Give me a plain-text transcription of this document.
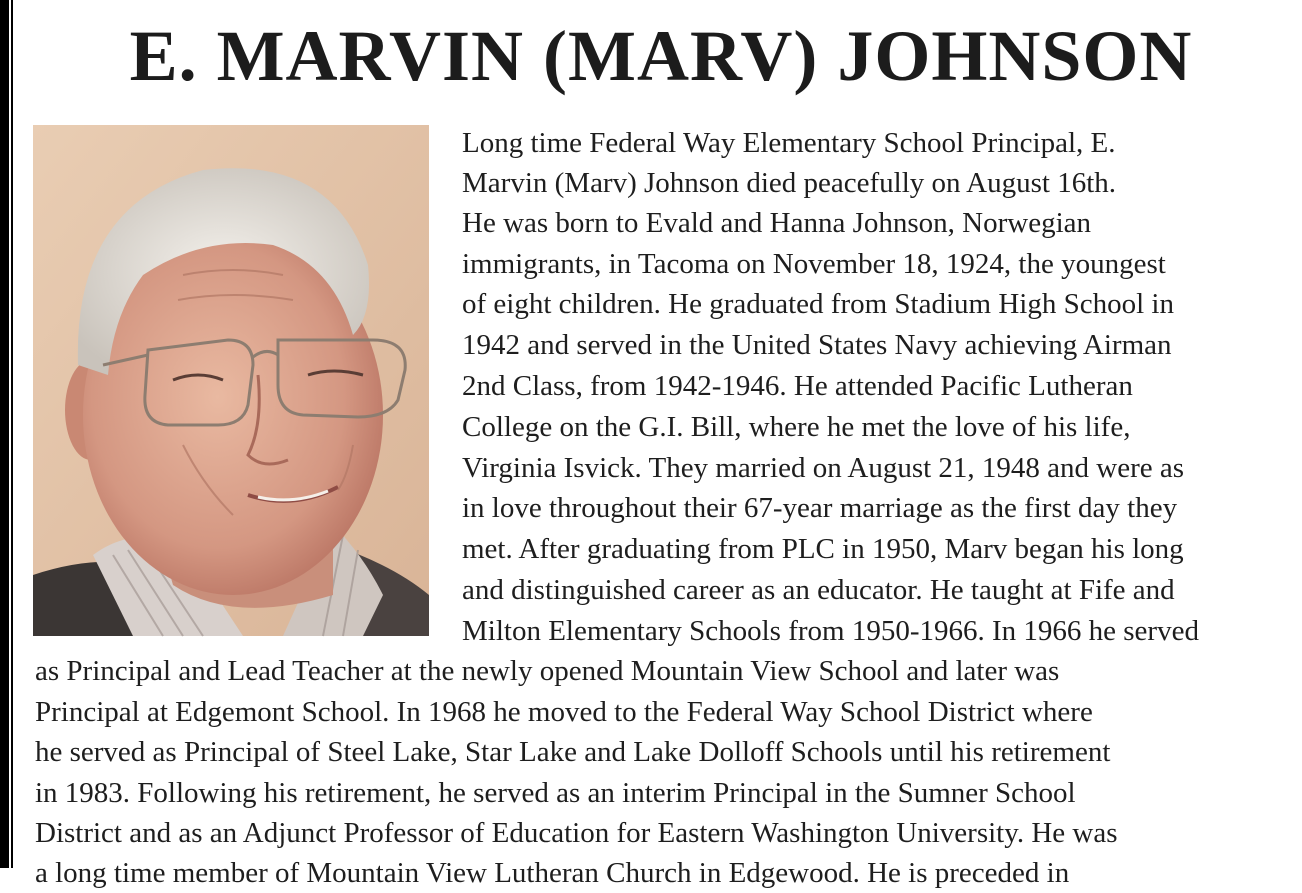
E. MARVIN (MARV) JOHNSON
Long time Federal Way Elementary School Principal, E.
Marvin (Marv) Johnson died peacefully on August 16th.
He was born to Evald and Hanna Johnson, Norwegian
immigrants, in Tacoma on November 18, 1924, the youngest
of eight children. He graduated from Stadium High School in
1942 and served in the United States Navy achieving Airman
2nd Class, from 1942-1946. He attended Pacific Lutheran
College on the G.I. Bill, where he met the love of his life,
Virginia Isvick. They married on August 21, 1948 and were as
in love throughout their 67-year marriage as the first day they
met. After graduating from PLC in 1950, Marv began his long
and distinguished career as an educator. He taught at Fife and
Milton Elementary Schools from 1950-1966. In 1966 he served
as Principal and Lead Teacher at the newly opened Mountain View School and later was
Principal at Edgemont School. In 1968 he moved to the Federal Way School District where
he served as Principal of Steel Lake, Star Lake and Lake Dolloff Schools until his retirement
in 1983. Following his retirement, he served as an interim Principal in the Sumner School
District and as an Adjunct Professor of Education for Eastern Washington University. He was
a long time member of Mountain View Lutheran Church in Edgewood. He is preceded in
